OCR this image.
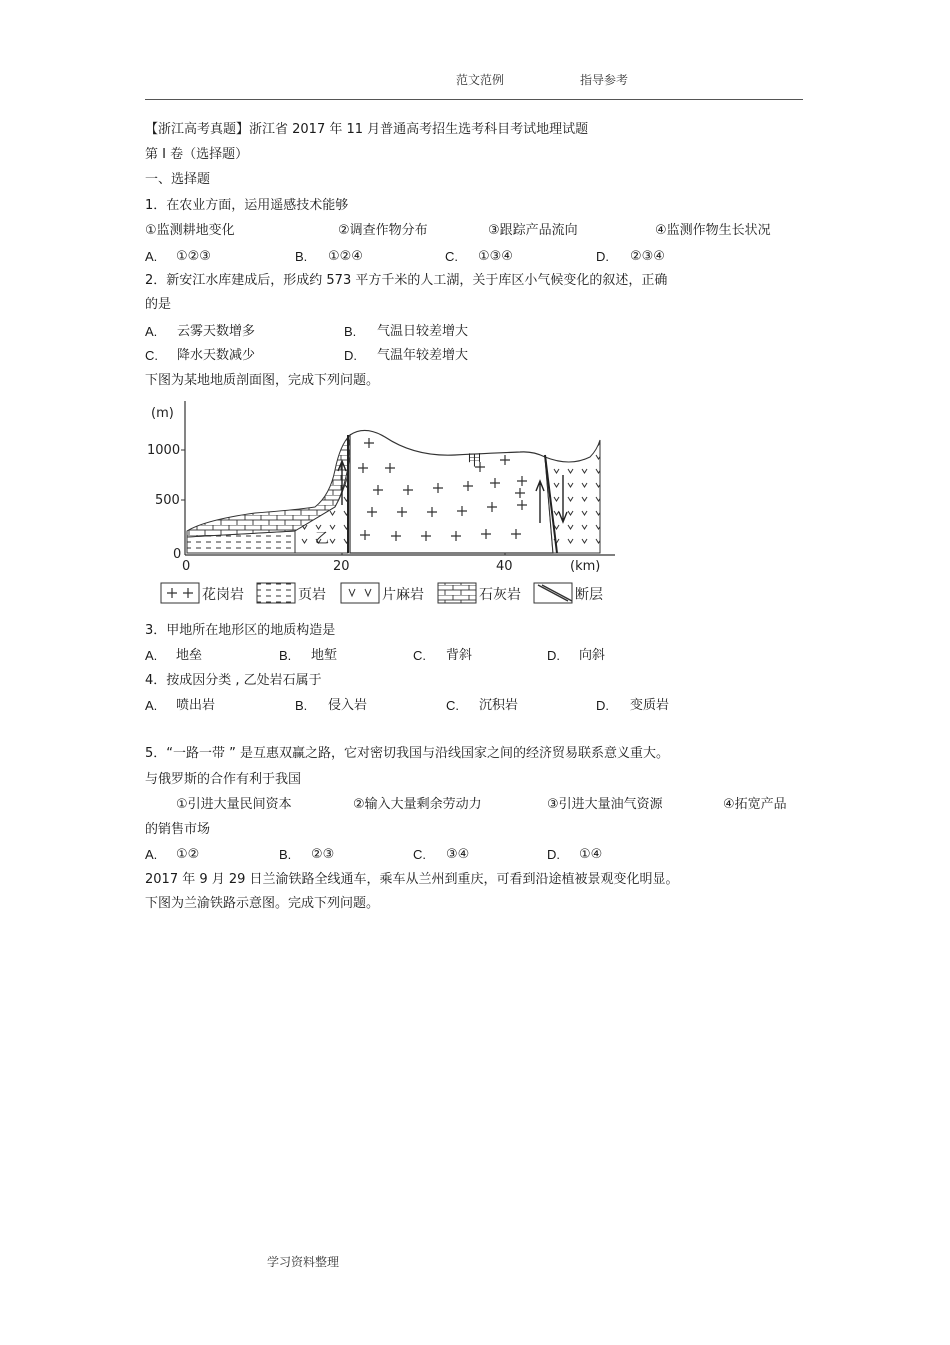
范文范例	指导参考
【浙江高考真题】浙江省 2017 年 11 月普通高考招生选考科目考试地理试题
第 Ⅰ 卷（选择题）
一、选择题
1．在农业方面，运用遥感技术能够
①监测耕地变化	②调查作物分布	③跟踪产品流向	④监测作物生长状况
A. ①②③	B. ①②④	C. ①③④	D. ②③④
2．新安江水库建成后，形成约 573 平方千米的人工湖，关于库区小气候变化的叙述，正确
的是
A. 云雾天数增多	B. 气温日较差增大
C. 降水天数减少	D. 气温年较差增大
下图为某地地质剖面图，完成下列问题。
(m)
1000
500
0
0	20	40	(km)
甲
乙
花岗岩	页岩	片麻岩	石灰岩	断层
3．甲地所在地形区的地质构造是
A. 地垒	B. 地堑	C. 背斜	D. 向斜
4．按成因分类 , 乙处岩石属于
A. 喷出岩	B. 侵入岩	C. 沉积岩	D. 变质岩
5．“一路一带 ” 是互惠双赢之路，它对密切我国与沿线国家之间的经济贸易联系意义重大。
与俄罗斯的合作有利于我国
①引进大量民间资本	②输入大量剩余劳动力	③引进大量油气资源	④拓宽产品
的销售市场
A. ①②	B. ②③	C. ③④	D. ①④
2017 年 9 月 29 日兰渝铁路全线通车，乘车从兰州到重庆，可看到沿途植被景观变化明显。
下图为兰渝铁路示意图。完成下列问题。
学习资料整理
